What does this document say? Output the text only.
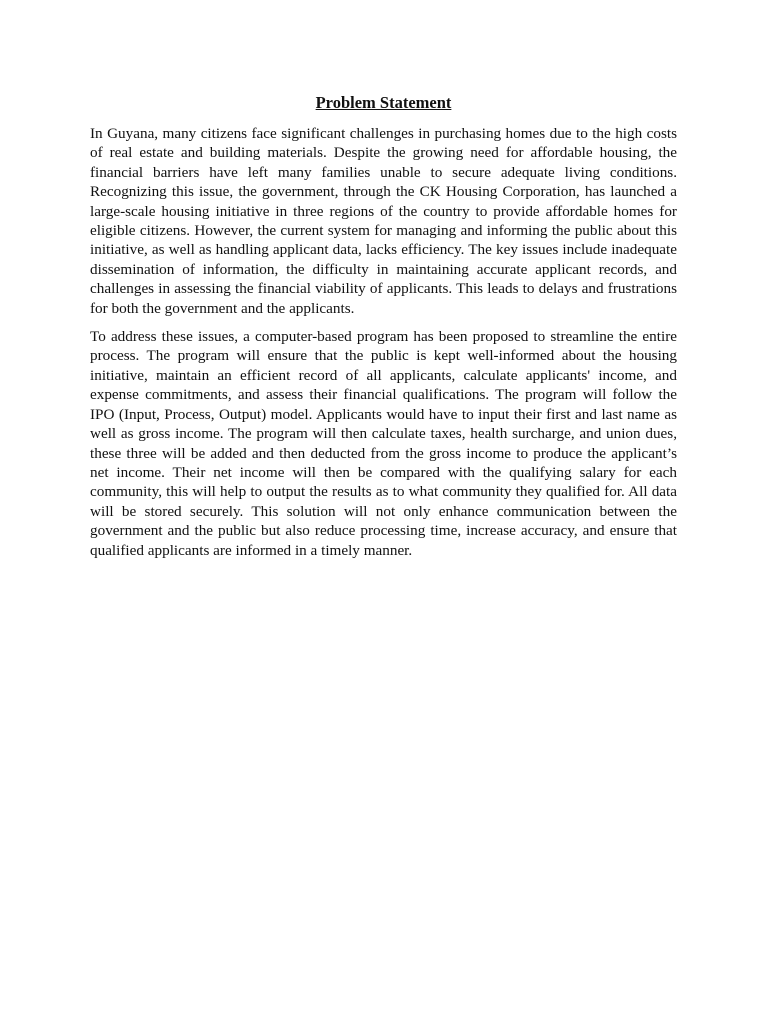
Problem Statement

In Guyana, many citizens face significant challenges in purchasing homes due to the high costs of real estate and building materials. Despite the growing need for affordable housing, the financial barriers have left many families unable to secure adequate living conditions. Recognizing this issue, the government, through the CK Housing Corporation, has launched a large-scale housing initiative in three regions of the country to provide affordable homes for eligible citizens. However, the current system for managing and informing the public about this initiative, as well as handling applicant data, lacks efficiency. The key issues include inadequate dissemination of information, the difficulty in maintaining accurate applicant records, and challenges in assessing the financial viability of applicants. This leads to delays and frustrations for both the government and the applicants.

To address these issues, a computer-based program has been proposed to streamline the entire process. The program will ensure that the public is kept well-informed about the housing initiative, maintain an efficient record of all applicants, calculate applicants' income, and expense commitments, and assess their financial qualifications. The program will follow the IPO (Input, Process, Output) model. Applicants would have to input their first and last name as well as gross income. The program will then calculate taxes, health surcharge, and union dues, these three will be added and then deducted from the gross income to produce the applicant’s net income. Their net income will then be compared with the qualifying salary for each community, this will help to output the results as to what community they qualified for. All data will be stored securely. This solution will not only enhance communication between the government and the public but also reduce processing time, increase accuracy, and ensure that qualified applicants are informed in a timely manner.
